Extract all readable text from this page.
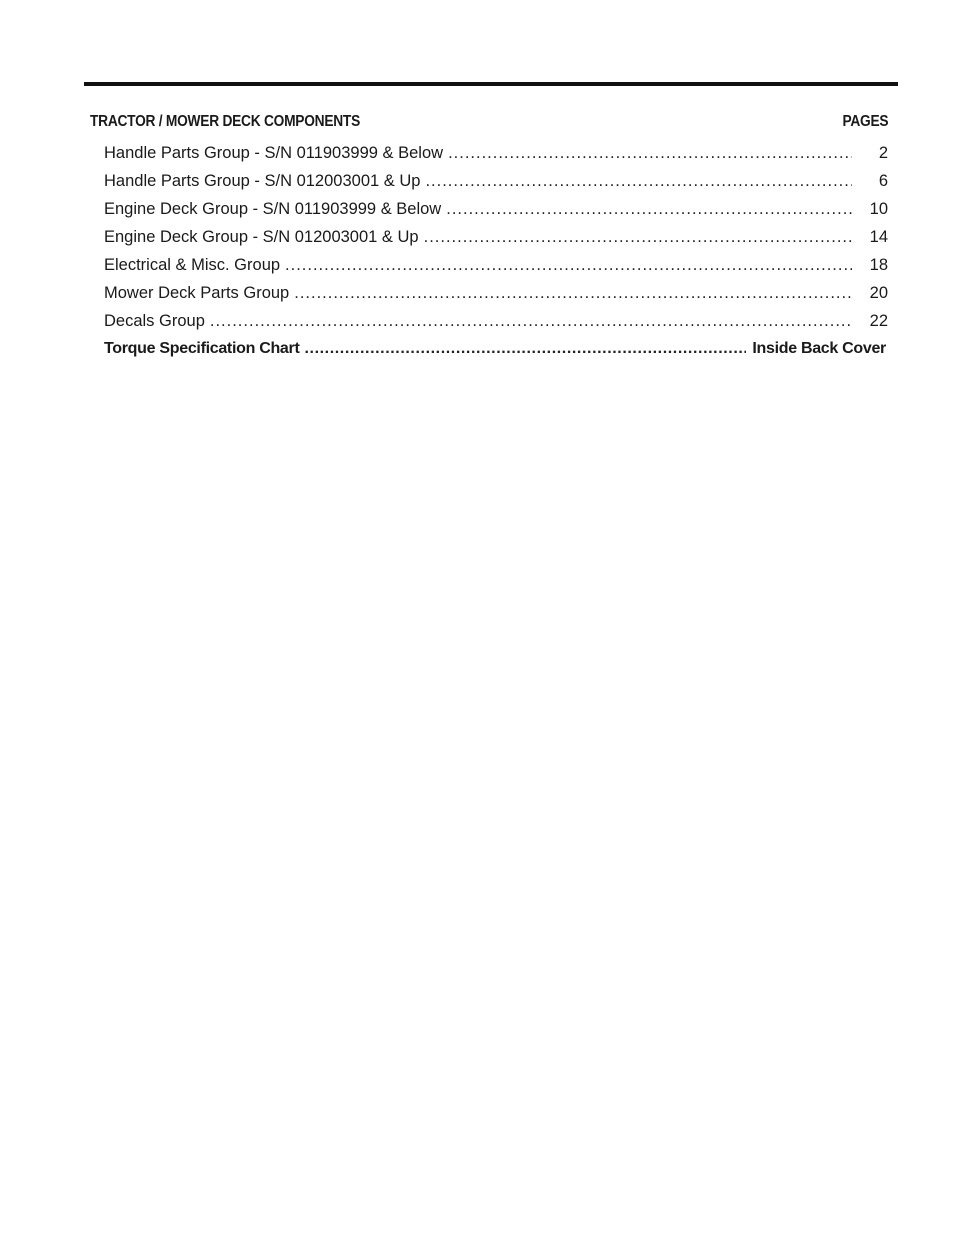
TRACTOR / MOWER DECK COMPONENTS	PAGES
Handle Parts Group - S/N 011903999 & Below .....	2
Handle Parts Group - S/N 012003001 & Up .....	6
Engine Deck Group - S/N 011903999 & Below .....	10
Engine Deck Group - S/N 012003001 & Up .....	14
Electrical & Misc. Group .....	18
Mower Deck Parts Group .....	20
Decals Group .....	22
Torque Specification Chart .....	Inside Back Cover
